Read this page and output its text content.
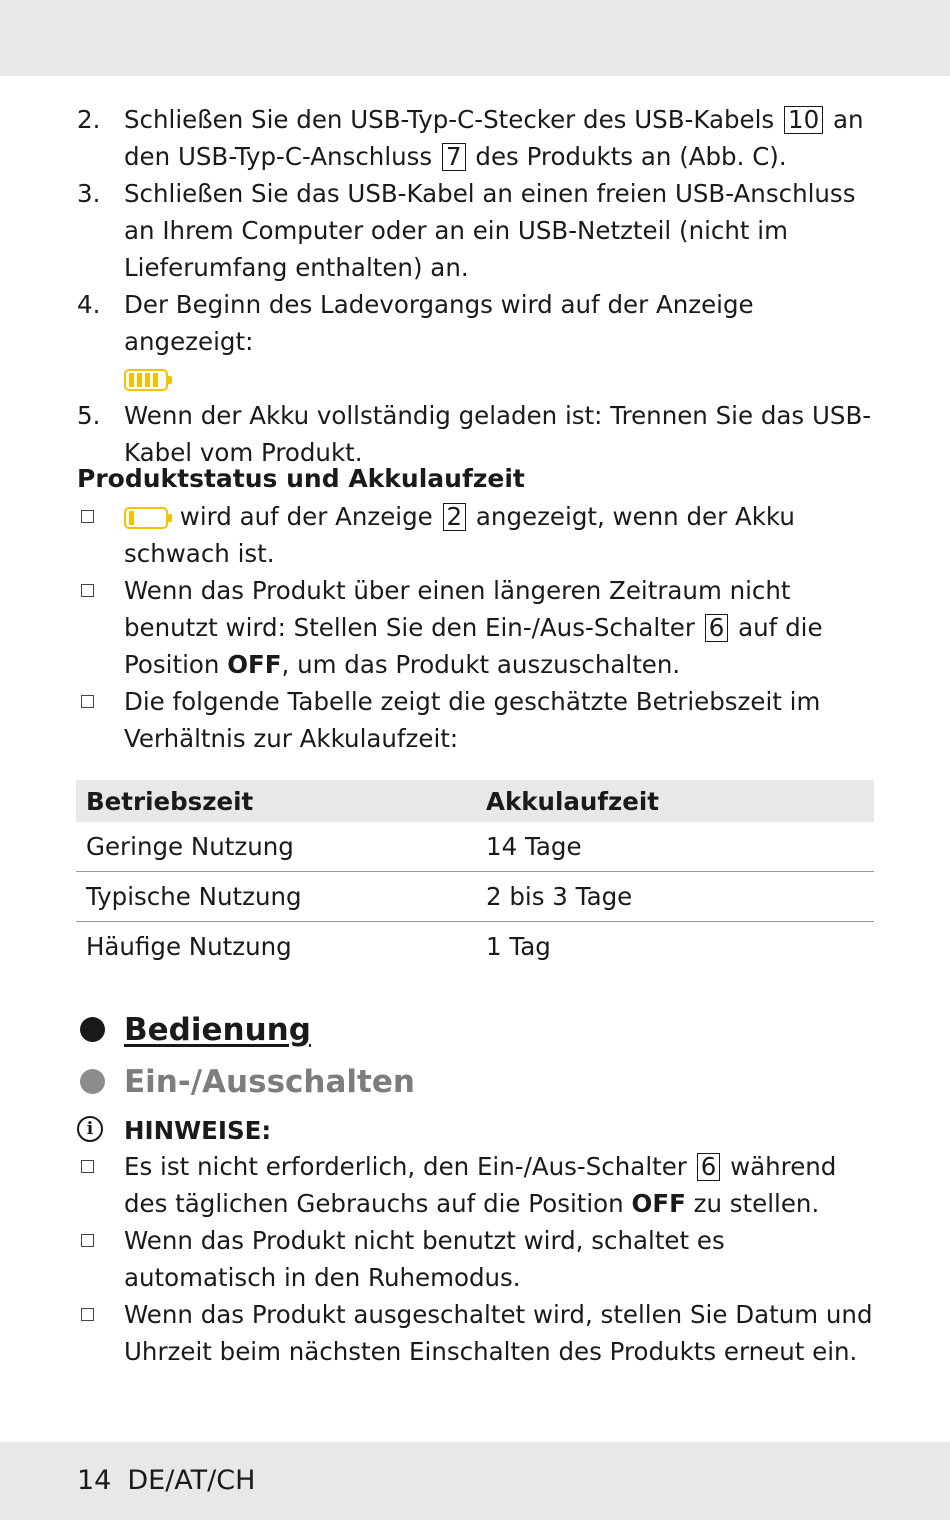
2. Schließen Sie den USB-Typ-C-Stecker des USB-Kabels 10 an den USB-Typ-C-Anschluss 7 des Produkts an (Abb. C).
3. Schließen Sie das USB-Kabel an einen freien USB-Anschluss an Ihrem Computer oder an ein USB-Netzteil (nicht im Lieferumfang enthalten) an.
4. Der Beginn des Ladevorgangs wird auf der Anzeige angezeigt:

5. Wenn der Akku vollständig geladen ist: Trennen Sie das USB-Kabel vom Produkt.
Produktstatus und Akkulaufzeit
wird auf der Anzeige 2 angezeigt, wenn der Akku schwach ist.
Wenn das Produkt über einen längeren Zeitraum nicht benutzt wird: Stellen Sie den Ein-/Aus-Schalter 6 auf die Position OFF, um das Produkt auszuschalten.
Die folgende Tabelle zeigt die geschätzte Betriebszeit im Verhältnis zur Akkulaufzeit:
Betriebszeit	Akkulaufzeit
Geringe Nutzung	14 Tage
Typische Nutzung	2 bis 3 Tage
Häufige Nutzung	1 Tag
Bedienung
Ein-/Ausschalten
i	HINWEISE:
Es ist nicht erforderlich, den Ein-/Aus-Schalter 6 während des täglichen Gebrauchs auf die Position OFF zu stellen.
Wenn das Produkt nicht benutzt wird, schaltet es automatisch in den Ruhemodus.
Wenn das Produkt ausgeschaltet wird, stellen Sie Datum und Uhrzeit beim nächsten Einschalten des Produkts erneut ein.
14 DE/AT/CH
